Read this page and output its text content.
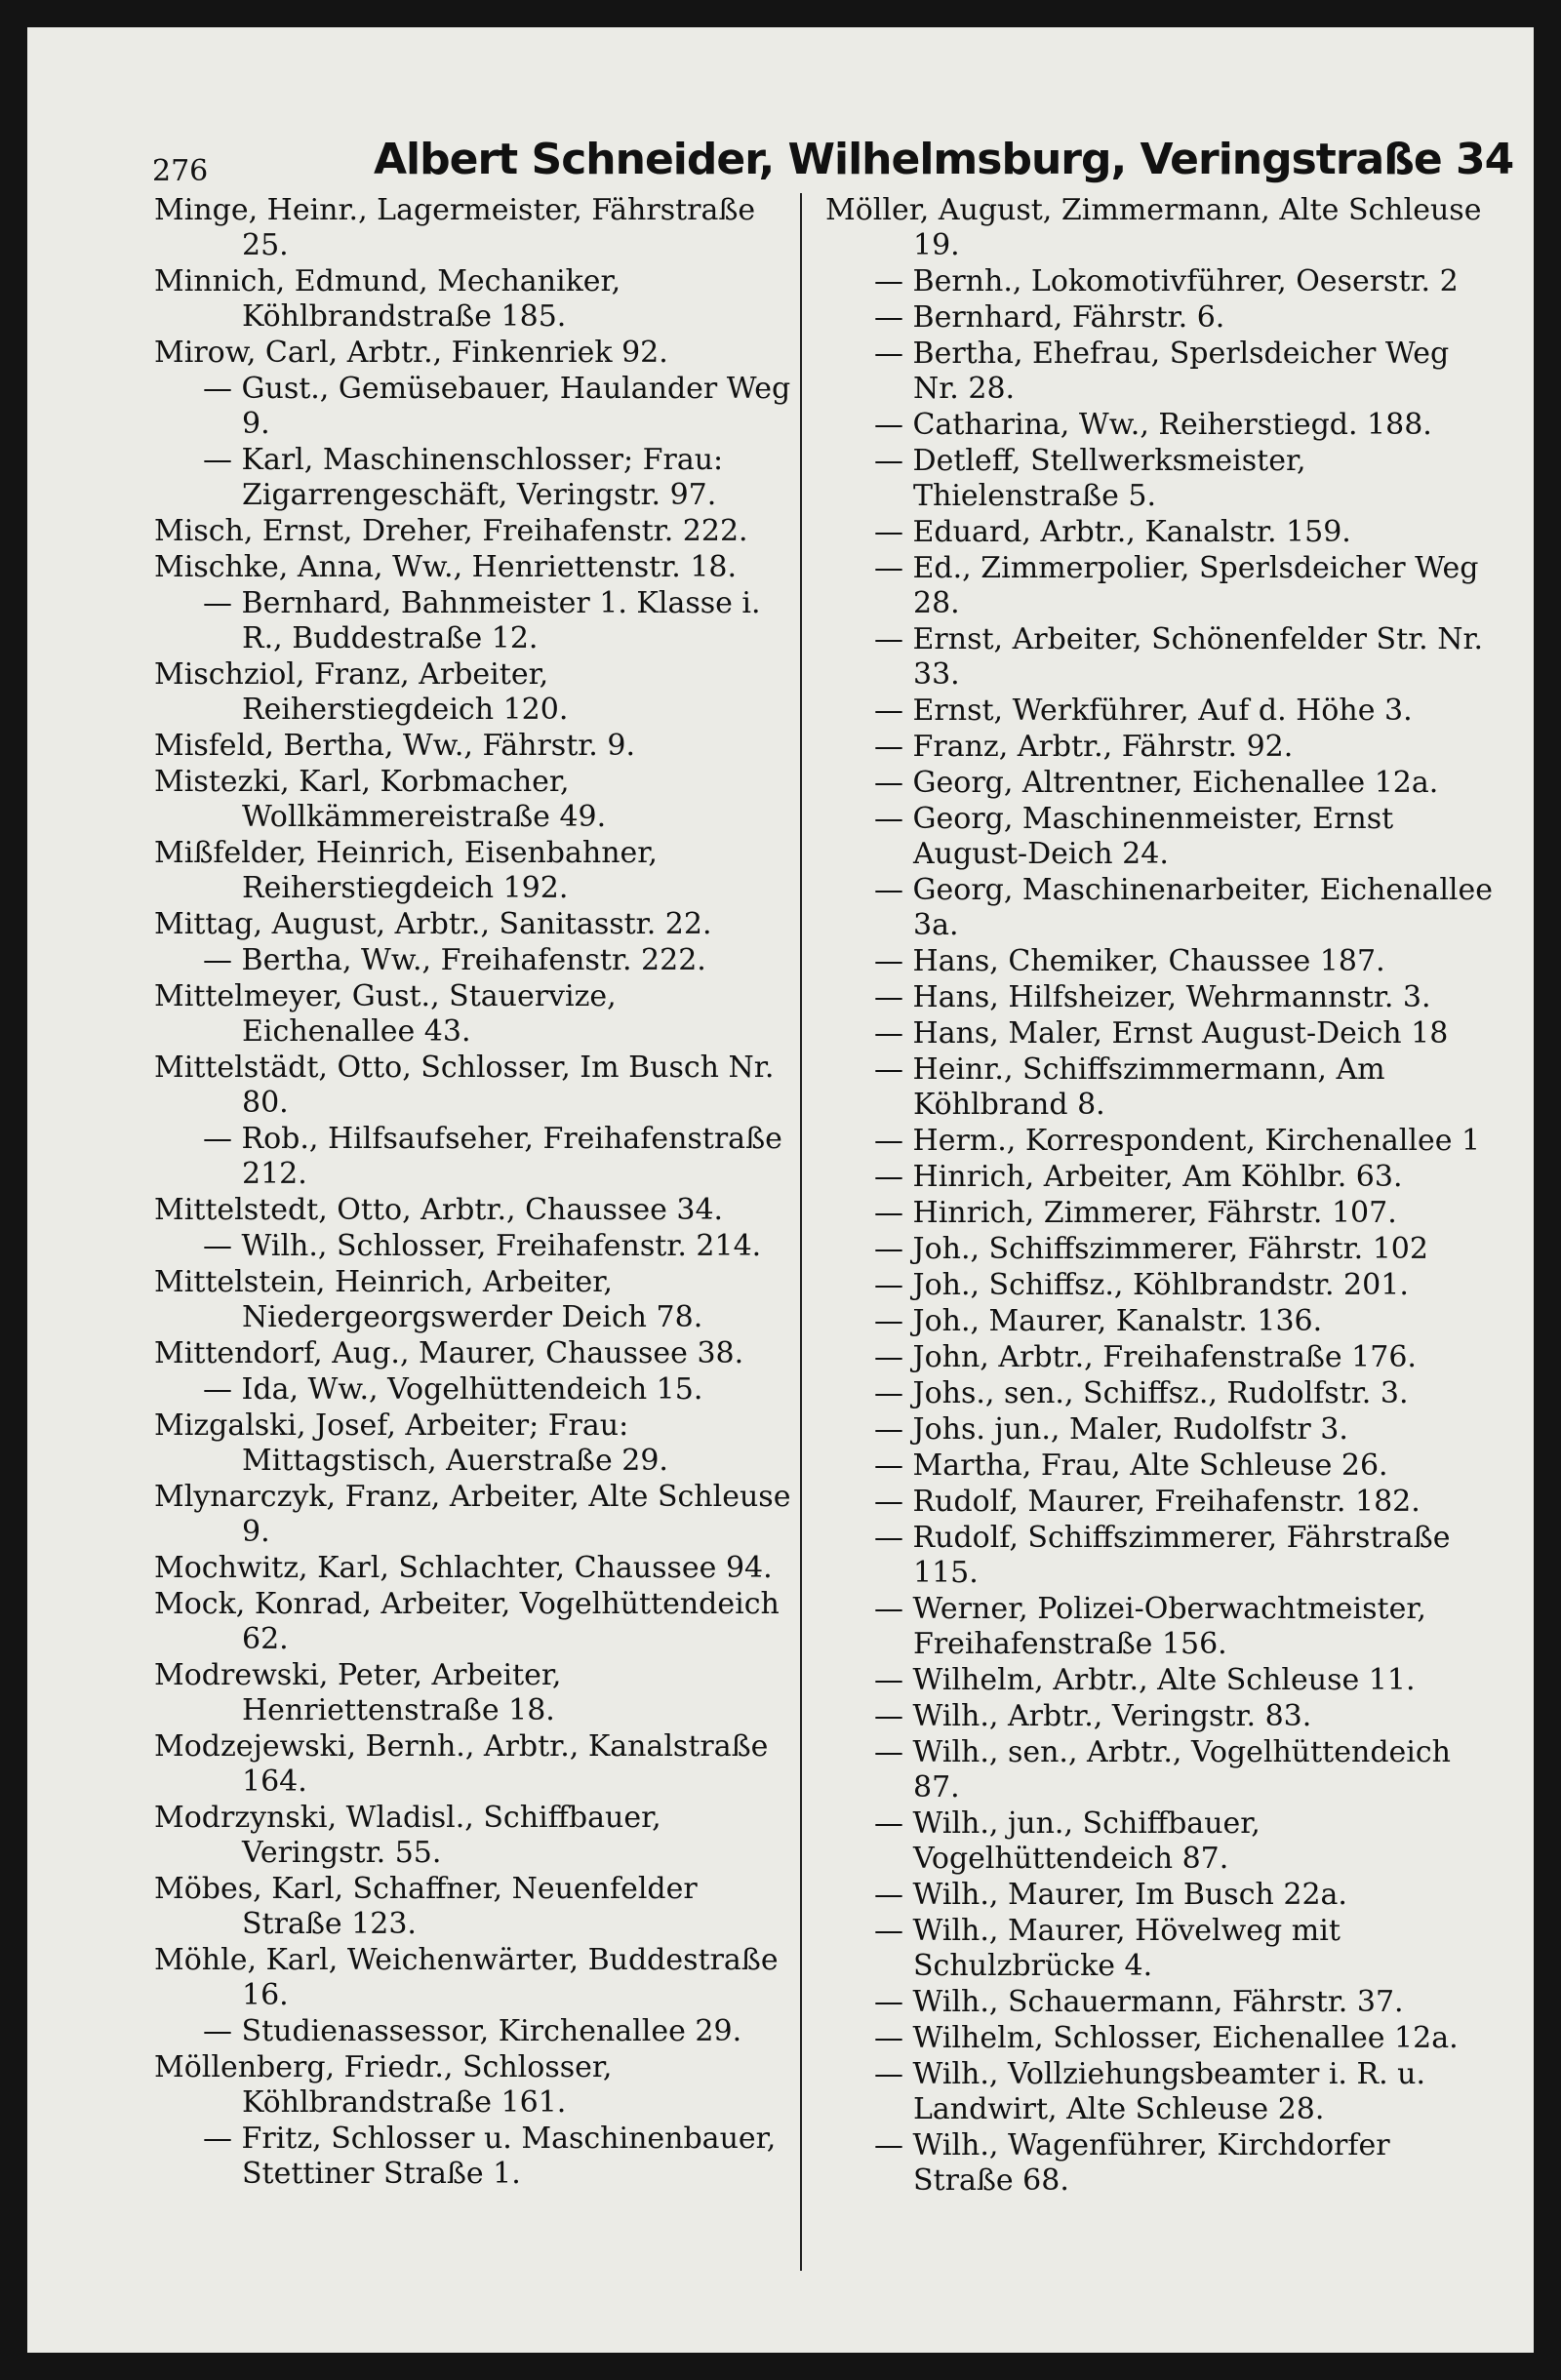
276	Albert Schneider, Wilhelmsburg, Veringstraße 34

Minge, Heinr., Lagermeister, Fährstraße 25.

Minnich, Edmund, Mechaniker, Köhlbrandstraße 185.

Mirow, Carl, Arbtr., Finkenriek 92.

— Gust., Gemüsebauer, Haulander Weg 9.

— Karl, Maschinenschlosser; Frau: Zigarrengeschäft, Veringstr. 97.

Misch, Ernst, Dreher, Freihafenstr. 222.

Mischke, Anna, Ww., Henriettenstr. 18.

— Bernhard, Bahnmeister 1. Klasse i. R., Buddestraße 12.

Mischziol, Franz, Arbeiter, Reiherstiegdeich 120.

Misfeld, Bertha, Ww., Fährstr. 9.

Mistezki, Karl, Korbmacher, Wollkämmereistraße 49.

Mißfelder, Heinrich, Eisenbahner, Reiherstiegdeich 192.

Mittag, August, Arbtr., Sanitasstr. 22.

— Bertha, Ww., Freihafenstr. 222.

Mittelmeyer, Gust., Stauervize, Eichenallee 43.

Mittelstädt, Otto, Schlosser, Im Busch Nr. 80.

— Rob., Hilfsaufseher, Freihafenstraße 212.

Mittelstedt, Otto, Arbtr., Chaussee 34.

— Wilh., Schlosser, Freihafenstr. 214.

Mittelstein, Heinrich, Arbeiter, Niedergeorgswerder Deich 78.

Mittendorf, Aug., Maurer, Chaussee 38.

— Ida, Ww., Vogelhüttendeich 15.

Mizgalski, Josef, Arbeiter; Frau: Mittagstisch, Auerstraße 29.

Mlynarczyk, Franz, Arbeiter, Alte Schleuse 9.

Mochwitz, Karl, Schlachter, Chaussee 94.

Mock, Konrad, Arbeiter, Vogelhüttendeich 62.

Modrewski, Peter, Arbeiter, Henriettenstraße 18.

Modzejewski, Bernh., Arbtr., Kanalstraße 164.

Modrzynski, Wladisl., Schiffbauer, Veringstr. 55.

Möbes, Karl, Schaffner, Neuenfelder Straße 123.

Möhle, Karl, Weichenwärter, Buddestraße 16.

— Studienassessor, Kirchenallee 29.

Möllenberg, Friedr., Schlosser, Köhlbrandstraße 161.

— Fritz, Schlosser u. Maschinenbauer, Stettiner Straße 1.

Möller, August, Zimmermann, Alte Schleuse 19.

— Bernh., Lokomotivführer, Oeserstr. 2

— Bernhard, Fährstr. 6.

— Bertha, Ehefrau, Sperlsdeicher Weg Nr. 28.

— Catharina, Ww., Reiherstiegd. 188.

— Detleff, Stellwerksmeister, Thielenstraße 5.

— Eduard, Arbtr., Kanalstr. 159.

— Ed., Zimmerpolier, Sperlsdeicher Weg 28.

— Ernst, Arbeiter, Schönenfelder Str. Nr. 33.

— Ernst, Werkführer, Auf d. Höhe 3.

— Franz, Arbtr., Fährstr. 92.

— Georg, Altrentner, Eichenallee 12a.

— Georg, Maschinenmeister, Ernst August-Deich 24.

— Georg, Maschinenarbeiter, Eichenallee 3a.

— Hans, Chemiker, Chaussee 187.

— Hans, Hilfsheizer, Wehrmannstr. 3.

— Hans, Maler, Ernst August-Deich 18

— Heinr., Schiffszimmermann, Am Köhlbrand 8.

— Herm., Korrespondent, Kirchenallee 1

— Hinrich, Arbeiter, Am Köhlbr. 63.

— Hinrich, Zimmerer, Fährstr. 107.

— Joh., Schiffszimmerer, Fährstr. 102

— Joh., Schiffsz., Köhlbrandstr. 201.

— Joh., Maurer, Kanalstr. 136.

— John, Arbtr., Freihafenstraße 176.

— Johs., sen., Schiffsz., Rudolfstr. 3.

— Johs. jun., Maler, Rudolfstr 3.

— Martha, Frau, Alte Schleuse 26.

— Rudolf, Maurer, Freihafenstr. 182.

— Rudolf, Schiffszimmerer, Fährstraße 115.

— Werner, Polizei-Oberwachtmeister, Freihafenstraße 156.

— Wilhelm, Arbtr., Alte Schleuse 11.

— Wilh., Arbtr., Veringstr. 83.

— Wilh., sen., Arbtr., Vogelhüttendeich 87.

— Wilh., jun., Schiffbauer, Vogelhüttendeich 87.

— Wilh., Maurer, Im Busch 22a.

— Wilh., Maurer, Hövelweg mit Schulzbrücke 4.

— Wilh., Schauermann, Fährstr. 37.

— Wilhelm, Schlosser, Eichenallee 12a.

— Wilh., Vollziehungsbeamter i. R. u. Landwirt, Alte Schleuse 28.

— Wilh., Wagenführer, Kirchdorfer Straße 68.
